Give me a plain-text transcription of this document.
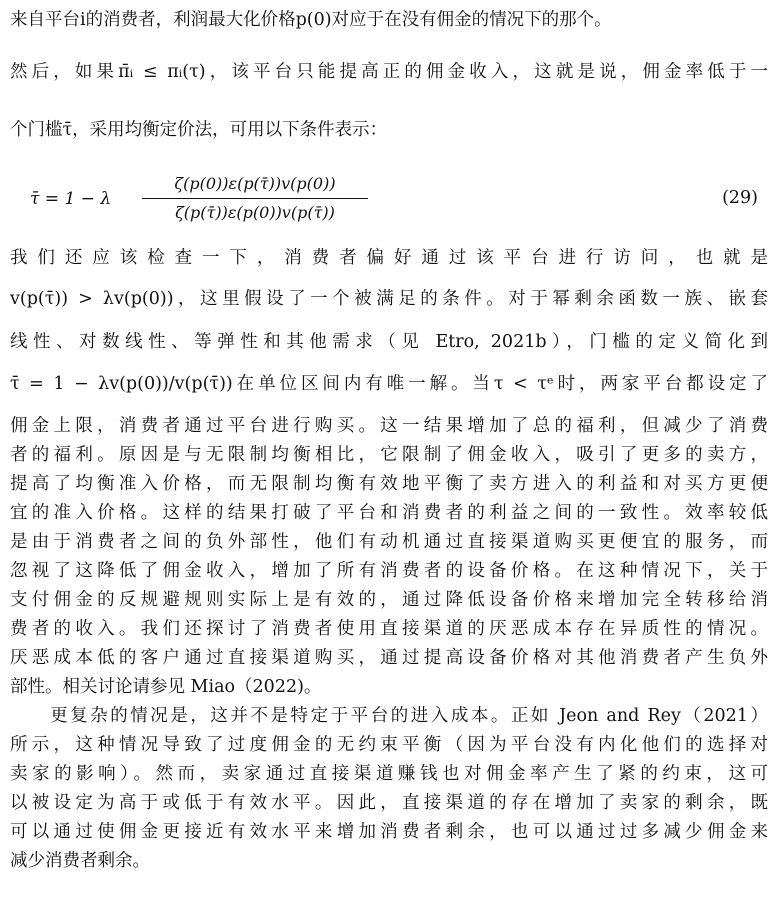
来自平台i的消费者，利润最大化价格p(0)对应于在没有佣金的情况下的那个。
然后，如果π̄ᵢ ≤ πᵢ(τ)，该平台只能提高正的佣金收入，这就是说，佣金率低于一
个门槛τ̄，采用均衡定价法，可用以下条件表示：
τ̄ = 1 − λ
ζ(p(0))ε(p(τ̄))v(p(0))
ζ(p(τ̄))ε(p(0))v(p(τ̄))
(29)
我 们 还 应 该 检 查 一 下 ， 消 费 者 偏 好 通 过 该 平 台 进 行 访 问 ， 也 就 是
v(p(τ̄)) > λv(p(0))，这里假设了一个被满足的条件。对于幂剩余函数一族、嵌套
线性、对数线性、等弹性和其他需求（见 Etro, 2021b），门槛的定义简化到
τ̄ = 1 − λv(p(0))/v(p(τ̄))在单位区间内有唯一解。当τ < τᵉ时，两家平台都设定了
佣金上限，消费者通过平台进行购买。这一结果增加了总的福利，但减少了消费
者的福利。原因是与无限制均衡相比，它限制了佣金收入，吸引了更多的卖方，
提高了均衡准入价格，而无限制均衡有效地平衡了卖方进入的利益和对买方更便
宜的准入价格。这样的结果打破了平台和消费者的利益之间的一致性。效率较低
是由于消费者之间的负外部性，他们有动机通过直接渠道购买更便宜的服务，而
忽视了这降低了佣金收入，增加了所有消费者的设备价格。在这种情况下，关于
支付佣金的反规避规则实际上是有效的，通过降低设备价格来增加完全转移给消
费者的收入。我们还探讨了消费者使用直接渠道的厌恶成本存在异质性的情况。
厌恶成本低的客户通过直接渠道购买，通过提高设备价格对其他消费者产生负外
部性。相关讨论请参见 Miao（2022)。
　　更复杂的情况是，这并不是特定于平台的进入成本。正如 Jeon and Rey（2021）
所示，这种情况导致了过度佣金的无约束平衡（因为平台没有内化他们的选择对
卖家的影响）。然而，卖家通过直接渠道赚钱也对佣金率产生了紧的约束，这可
以被设定为高于或低于有效水平。因此，直接渠道的存在增加了卖家的剩余，既
可以通过使佣金更接近有效水平来增加消费者剩余，也可以通过过多减少佣金来
减少消费者剩余。
